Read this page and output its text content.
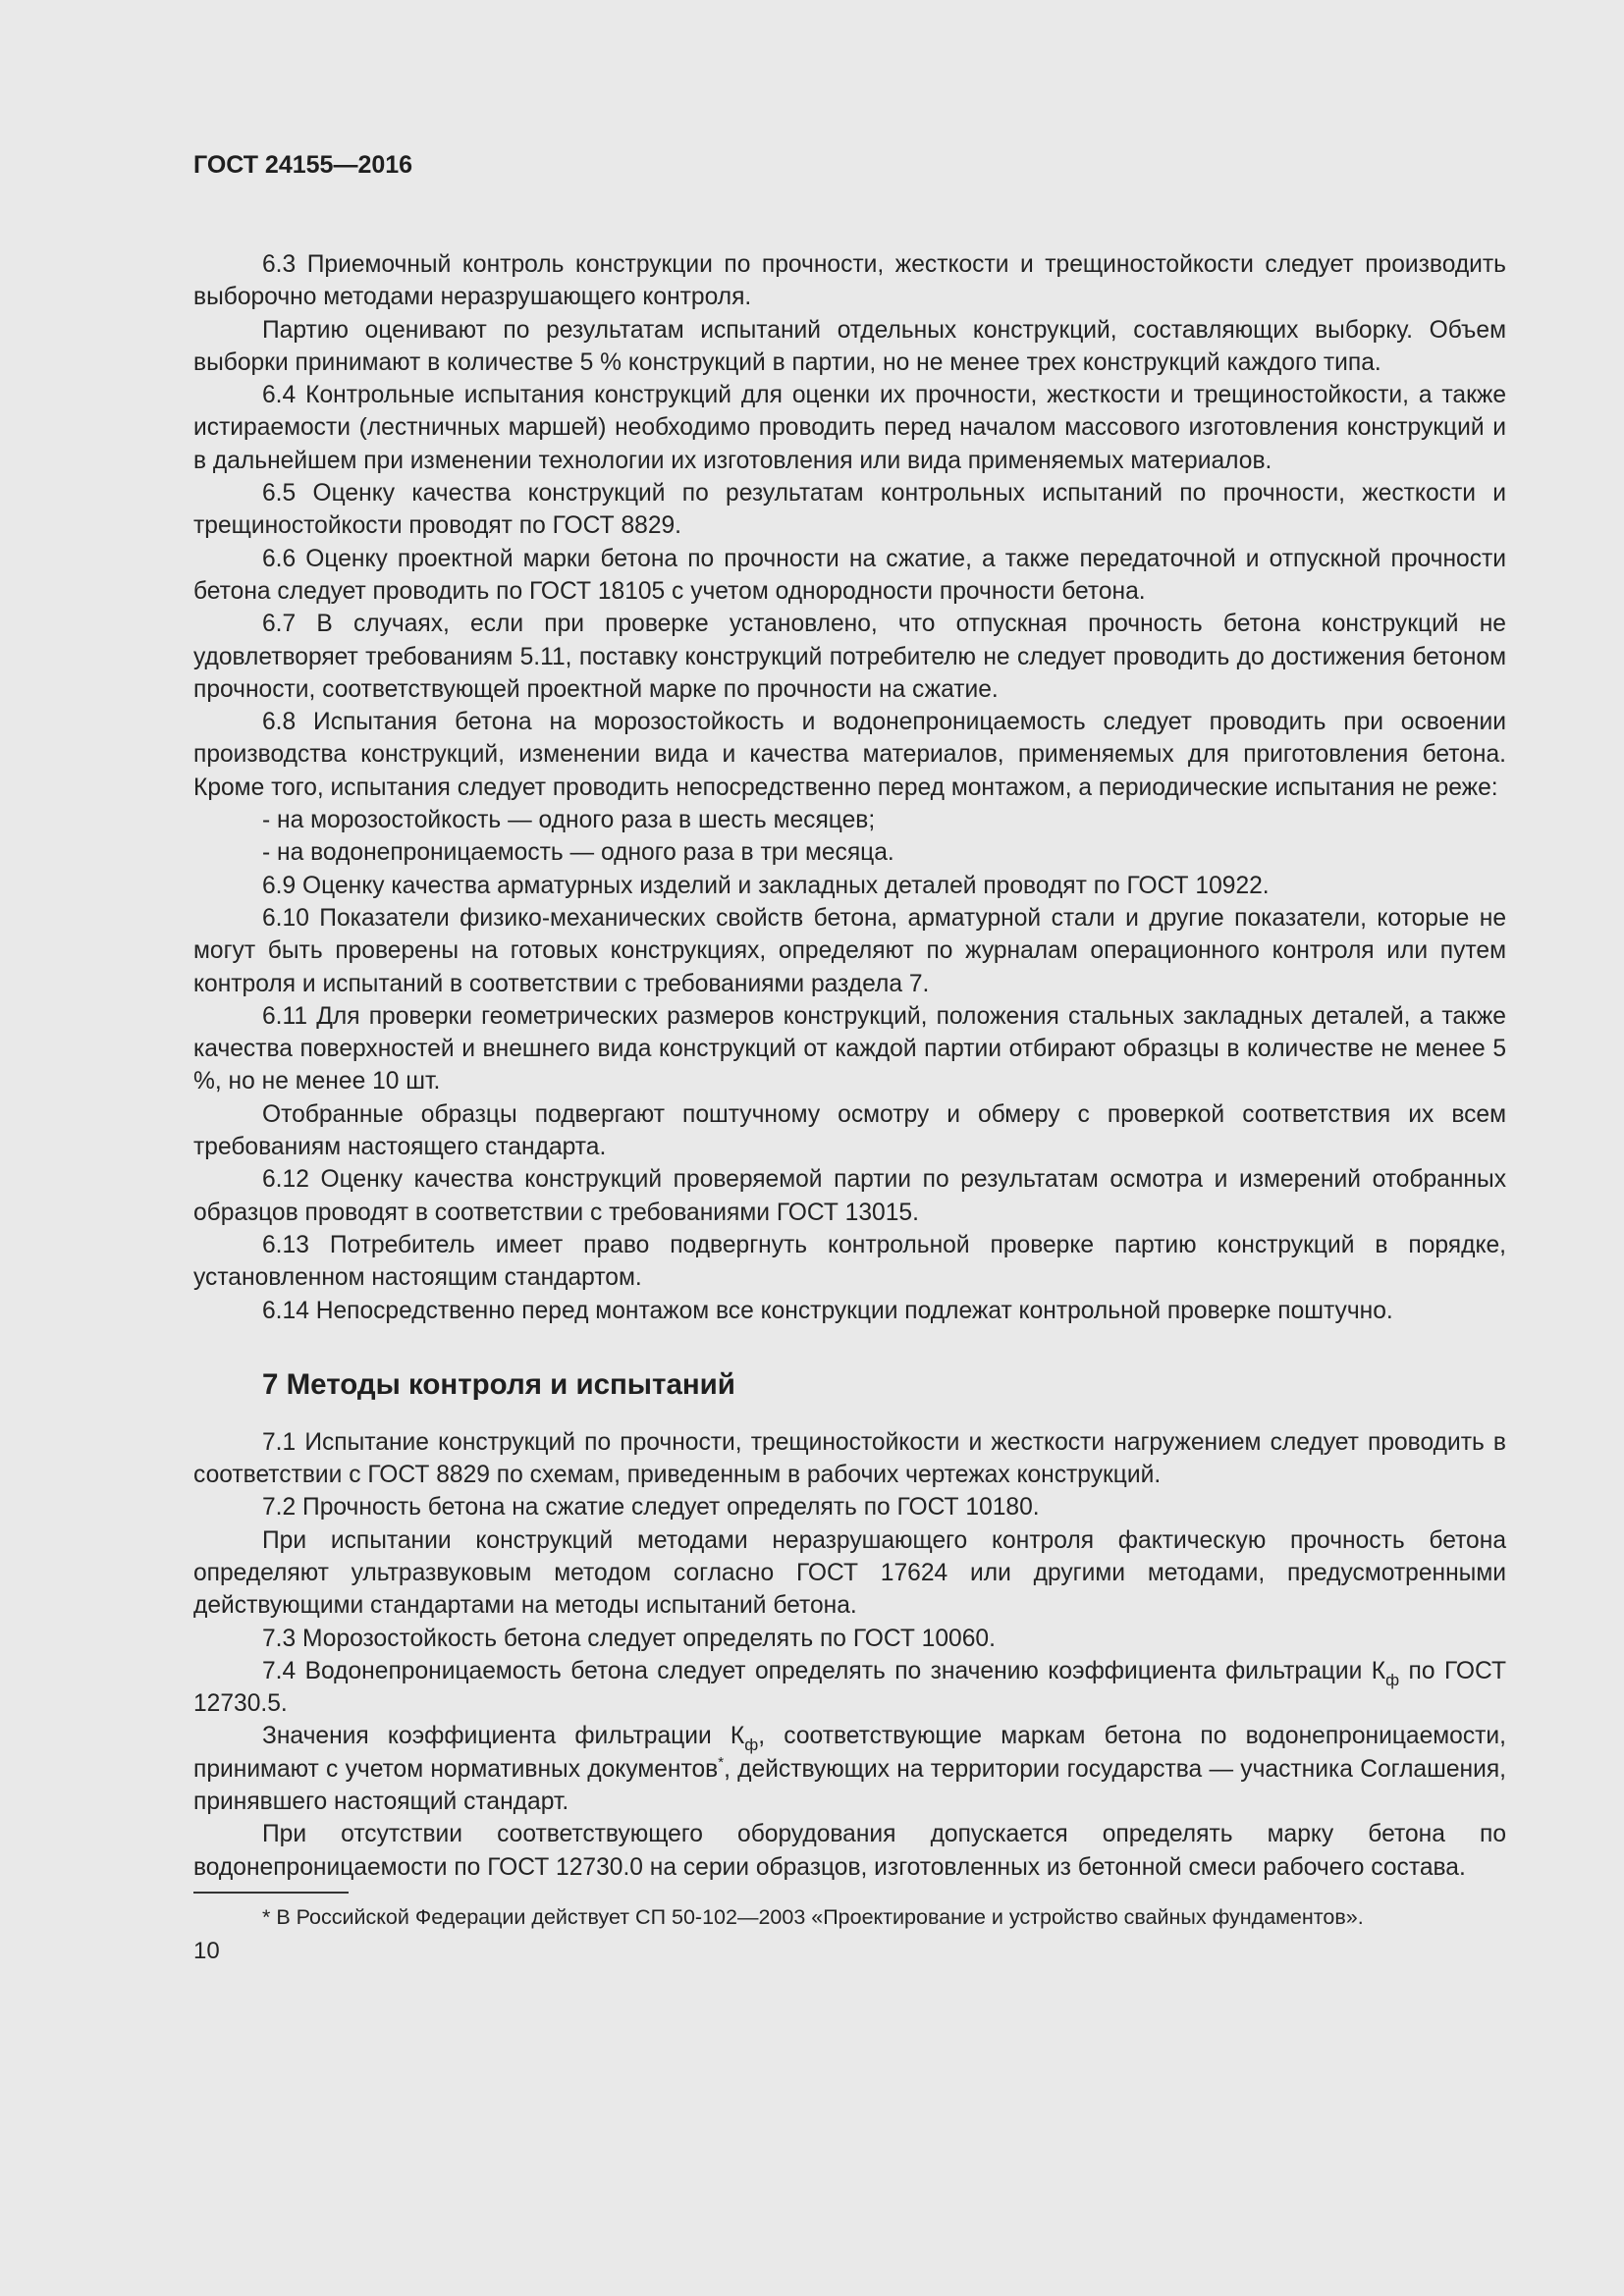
ГОСТ 24155—2016

6.3 Приемочный контроль конструкции по прочности, жесткости и трещиностойкости следует производить выборочно методами неразрушающего контроля.

Партию оценивают по результатам испытаний отдельных конструкций, составляющих выборку. Объем выборки принимают в количестве 5 % конструкций в партии, но не менее трех конструкций каждого типа.

6.4 Контрольные испытания конструкций для оценки их прочности, жесткости и трещиностойкости, а также истираемости (лестничных маршей) необходимо проводить перед началом массового изготовления конструкций и в дальнейшем при изменении технологии их изготовления или вида применяемых материалов.

6.5 Оценку качества конструкций по результатам контрольных испытаний по прочности, жесткости и трещиностойкости проводят по ГОСТ 8829.

6.6 Оценку проектной марки бетона по прочности на сжатие, а также передаточной и отпускной прочности бетона следует проводить по ГОСТ 18105 с учетом однородности прочности бетона.

6.7 В случаях, если при проверке установлено, что отпускная прочность бетона конструкций не удовлетворяет требованиям 5.11, поставку конструкций потребителю не следует проводить до достижения бетоном прочности, соответствующей проектной марке по прочности на сжатие.

6.8 Испытания бетона на морозостойкость и водонепроницаемость следует проводить при освоении производства конструкций, изменении вида и качества материалов, применяемых для приготовления бетона. Кроме того, испытания следует проводить непосредственно перед монтажом, а периодические испытания не реже:

- на морозостойкость — одного раза в шесть месяцев;

- на водонепроницаемость — одного раза в три месяца.

6.9 Оценку качества арматурных изделий и закладных деталей проводят по ГОСТ 10922.

6.10 Показатели физико-механических свойств бетона, арматурной стали и другие показатели, которые не могут быть проверены на готовых конструкциях, определяют по журналам операционного контроля или путем контроля и испытаний в соответствии с требованиями раздела 7.

6.11 Для проверки геометрических размеров конструкций, положения стальных закладных деталей, а также качества поверхностей и внешнего вида конструкций от каждой партии отбирают образцы в количестве не менее 5 %, но не менее 10 шт.

Отобранные образцы подвергают поштучному осмотру и обмеру с проверкой соответствия их всем требованиям настоящего стандарта.

6.12 Оценку качества конструкций проверяемой партии по результатам осмотра и измерений отобранных образцов проводят в соответствии с требованиями ГОСТ 13015.

6.13 Потребитель имеет право подвергнуть контрольной проверке партию конструкций в порядке, установленном настоящим стандартом.

6.14 Непосредственно перед монтажом все конструкции подлежат контрольной проверке поштучно.

7 Методы контроля и испытаний

7.1 Испытание конструкций по прочности, трещиностойкости и жесткости нагружением следует проводить в соответствии с ГОСТ 8829 по схемам, приведенным в рабочих чертежах конструкций.

7.2 Прочность бетона на сжатие следует определять по ГОСТ 10180.

При испытании конструкций методами неразрушающего контроля фактическую прочность бетона определяют ультразвуковым методом согласно ГОСТ 17624 или другими методами, предусмотренными действующими стандартами на методы испытаний бетона.

7.3 Морозостойкость бетона следует определять по ГОСТ 10060.

7.4 Водонепроницаемость бетона следует определять по значению коэффициента фильтрации $К_ф$ по ГОСТ 12730.5.

Значения коэффициента фильтрации $К_ф$, соответствующие маркам бетона по водонепроницаемости, принимают с учетом нормативных документов*, действующих на территории государства — участника Соглашения, принявшего настоящий стандарт.

При отсутствии соответствующего оборудования допускается определять марку бетона по водонепроницаемости по ГОСТ 12730.0 на серии образцов, изготовленных из бетонной смеси рабочего состава.

* В Российской Федерации действует СП 50-102—2003 «Проектирование и устройство свайных фундаментов».

10
